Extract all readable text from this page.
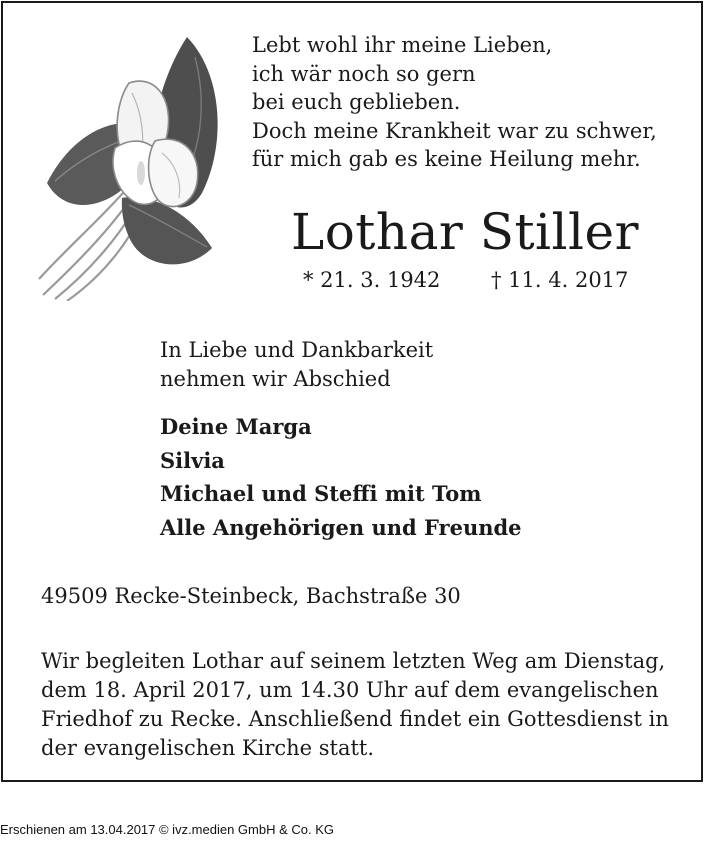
Lebt wohl ihr meine Lieben,
ich wär noch so gern
bei euch geblieben.
Doch meine Krankheit war zu schwer,
für mich gab es keine Heilung mehr.
Lothar Stiller
* 21. 3. 1942 † 11. 4. 2017
In Liebe und Dankbarkeit
nehmen wir Abschied
Deine Marga
Silvia
Michael und Steffi mit Tom
Alle Angehörigen und Freunde
49509 Recke-Steinbeck, Bachstraße 30
Wir begleiten Lothar auf seinem letzten Weg am Dienstag,
dem 18. April 2017, um 14.30 Uhr auf dem evangelischen
Friedhof zu Recke. Anschließend findet ein Gottesdienst in
der evangelischen Kirche statt.
Erschienen am 13.04.2017 © ivz.medien GmbH & Co. KG
